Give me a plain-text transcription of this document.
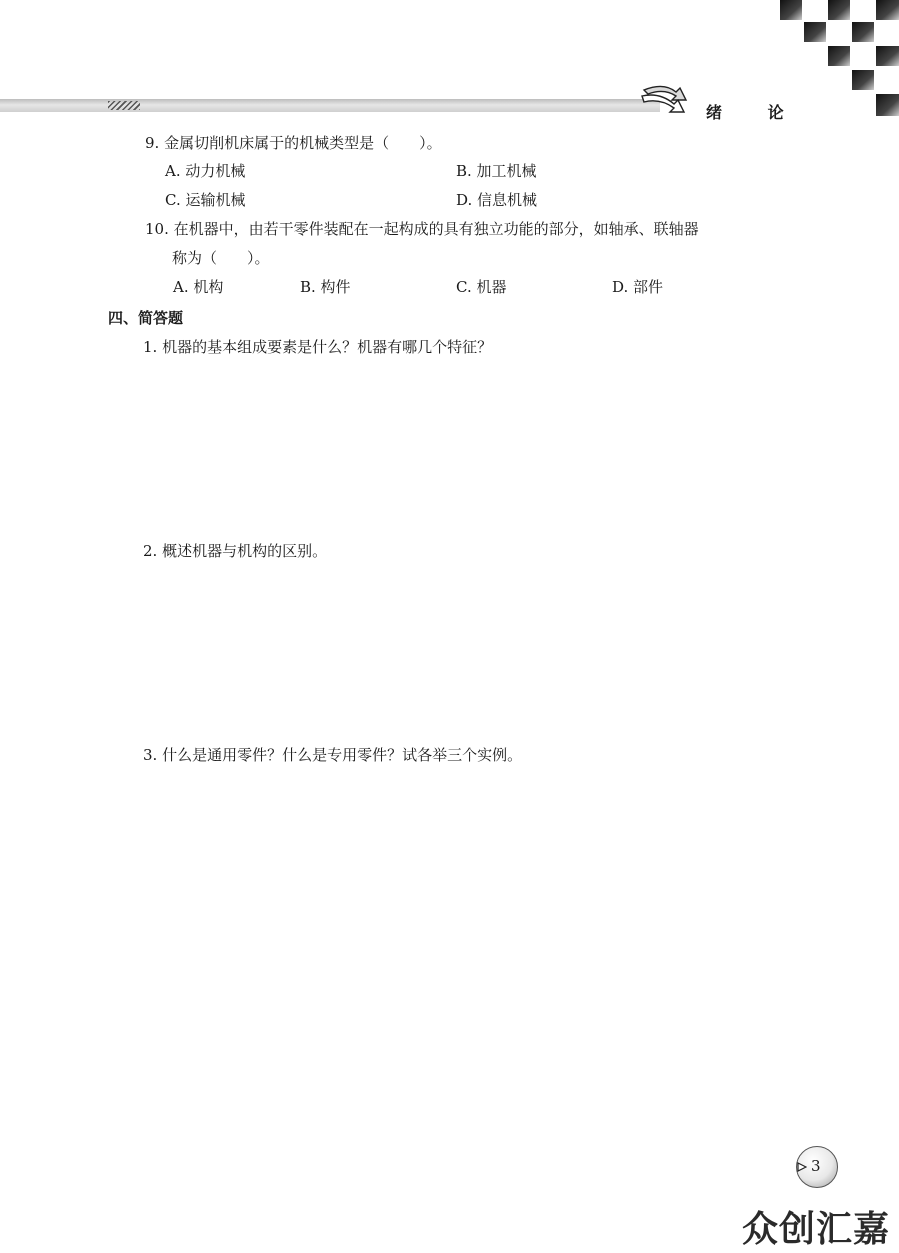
绪 论
9. 金属切削机床属于的机械类型是（　　）。
A. 动力机械	B. 加工机械
C. 运输机械	D. 信息机械
10. 在机器中，由若干零件装配在一起构成的具有独立功能的部分，如轴承、联轴器
称为（　　）。
A. 机构	B. 构件	C. 机器	D. 部件
四、简答题
1. 机器的基本组成要素是什么？机器有哪几个特征？
2. 概述机器与机构的区别。
3. 什么是通用零件？什么是专用零件？试各举三个实例。
3
众创汇嘉
